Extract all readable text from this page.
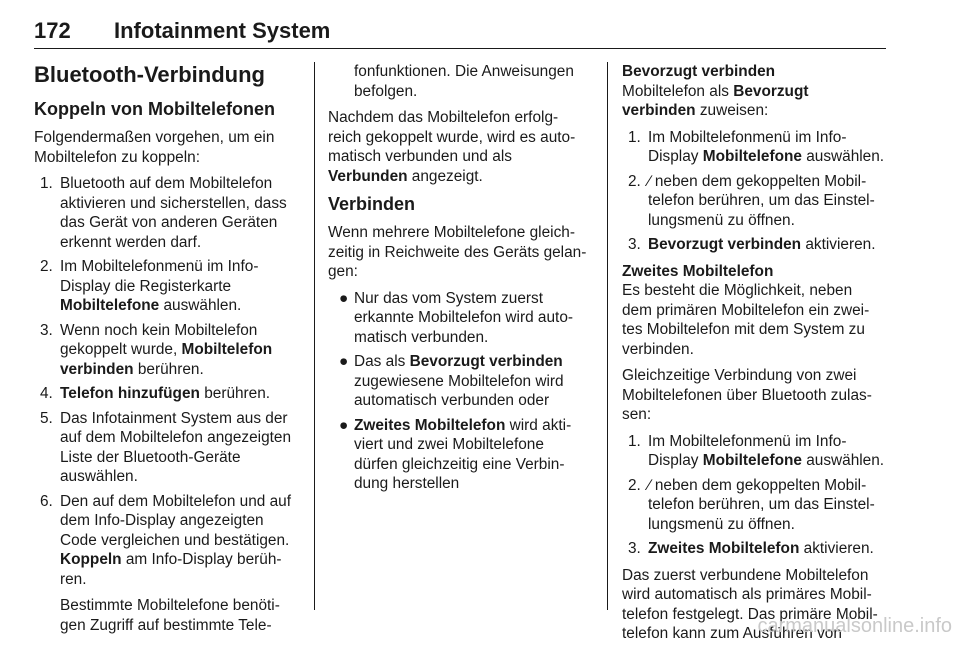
172 Infotainment System
Bluetooth-Verbindung
Koppeln von Mobiltelefonen

Folgendermaßen vorgehen, um ein Mobiltelefon zu koppeln:

1. Bluetooth auf dem Mobiltelefon aktivieren und sicherstellen, dass das Gerät von anderen Geräten erkennt werden darf.
2. Im Mobiltelefonmenü im Info-Display die Registerkarte Mobiltelefone auswählen.
3. Wenn noch kein Mobiltelefon gekoppelt wurde, Mobiltelefon verbinden berühren.
4. Telefon hinzufügen berühren.
5. Das Infotainment System aus der auf dem Mobiltelefon angezeigten Liste der Bluetooth-Geräte auswählen.
6. Den auf dem Mobiltelefon und auf dem Info-Display angezeigten Code vergleichen und bestätigen.
Koppeln am Info-Display berüh-ren.

Bestimmte Mobiltelefone benöti-gen Zugriff auf bestimmte Tele-

fonfunktionen. Die Anweisungen befolgen.

Nachdem das Mobiltelefon erfolg-reich gekoppelt wurde, wird es auto-matisch verbunden und als
Verbunden angezeigt.

Verbinden

Wenn mehrere Mobiltelefone gleich-zeitig in Reichweite des Geräts gelan-gen:

● Nur das vom System zuerst erkannte Mobiltelefon wird auto-matisch verbunden.
● Das als Bevorzugt verbinden zugewiesene Mobiltelefon wird automatisch verbunden oder
● Zweites Mobiltelefon wird akti-viert und zwei Mobiltelefone dürfen gleichzeitig eine Verbin-dung herstellen
Bevorzugt verbinden

Mobiltelefon als Bevorzugt verbinden zuweisen:

1. Im Mobiltelefonmenü im Info-Display Mobiltelefone auswählen.
2. ∕ neben dem gekoppelten Mobil-telefon berühren, um das Einstel-lungsmenü zu öffnen.
3. Bevorzugt verbinden aktivieren.
Zweites Mobiltelefon

Es besteht die Möglichkeit, neben dem primären Mobiltelefon ein zwei-tes Mobiltelefon mit dem System zu verbinden.

Gleichzeitige Verbindung von zwei Mobiltelefonen über Bluetooth zulas-sen:

1. Im Mobiltelefonmenü im Info-Display Mobiltelefone auswählen.
2. ∕ neben dem gekoppelten Mobil-telefon berühren, um das Einstel-lungsmenü zu öffnen.
3. Zweites Mobiltelefon aktivieren.

Das zuerst verbundene Mobiltelefon wird automatisch als primäres Mobil-telefon festgelegt. Das primäre Mobil-telefon kann zum Ausführen von

carmanualsonline.info
